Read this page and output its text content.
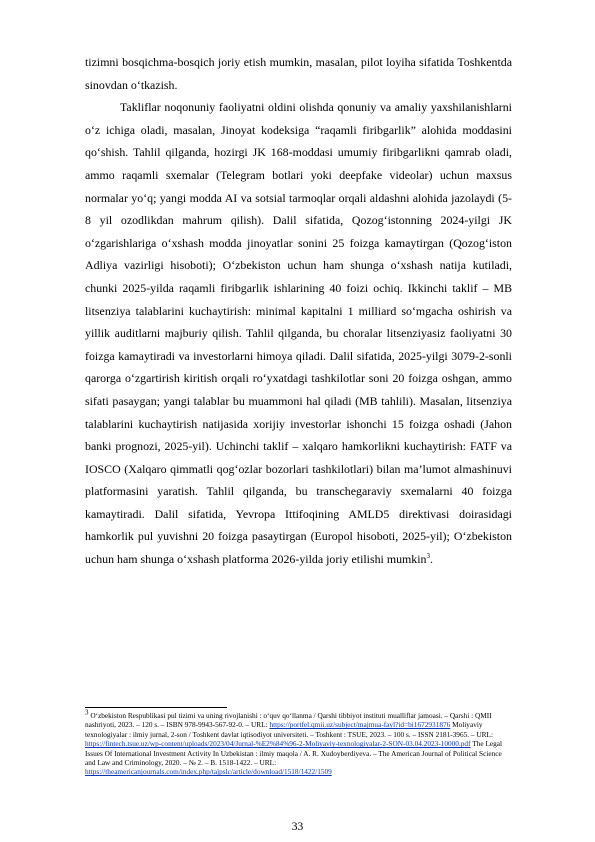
tizimni bosqichma-bosqich joriy etish mumkin, masalan, pilot loyiha sifatida Toshkentda sinovdan o‘tkazish.

Takliflar noqonuniy faoliyatni oldini olishda qonuniy va amaliy yaxshilanishlarni o‘z ichiga oladi, masalan, Jinoyat kodeksiga “raqamli firibgarlik” alohida moddasini qo‘shish. Tahlil qilganda, hozirgi JK 168-moddasi umumiy firibgarlikni qamrab oladi, ammo raqamli sxemalar (Telegram botlari yoki deepfake videolar) uchun maxsus normalar yo‘q; yangi modda AI va sotsial tarmoqlar orqali aldashni alohida jazolaydi (5-8 yil ozodlikdan mahrum qilish). Dalil sifatida, Qozog‘istonning 2024-yilgi JK o‘zgarishlariga o‘xshash modda jinoyatlar sonini 25 foizga kamaytirgan (Qozog‘iston Adliya vazirligi hisoboti); O‘zbekiston uchun ham shunga o‘xshash natija kutiladi, chunki 2025-yilda raqamli firibgarlik ishlarining 40 foizi ochiq. Ikkinchi taklif – MB litsenziya talablarini kuchaytirish: minimal kapitalni 1 milliard so‘mgacha oshirish va yillik auditlarni majburiy qilish. Tahlil qilganda, bu choralar litsenziyasiz faoliyatni 30 foizga kamaytiradi va investorlarni himoya qiladi. Dalil sifatida, 2025-yilgi 3079-2-sonli qarorga o‘zgartirish kiritish orqali ro‘yxatdagi tashkilotlar soni 20 foizga oshgan, ammo sifati pasaygan; yangi talablar bu muammoni hal qiladi (MB tahlili). Masalan, litsenziya talablarini kuchaytirish natijasida xorijiy investorlar ishonchi 15 foizga oshadi (Jahon banki prognozi, 2025-yil). Uchinchi taklif – xalqaro hamkorlikni kuchaytirish: FATF va IOSCO (Xalqaro qimmatli qog‘ozlar bozorlari tashkilotlari) bilan ma’lumot almashinuvi platformasini yaratish. Tahlil qilganda, bu transchegaraviy sxemalarni 40 foizga kamaytiradi. Dalil sifatida, Yevropa Ittifoqining AMLD5 direktivasi doirasidagi hamkorlik pul yuvishni 20 foizga pasaytirgan (Europol hisoboti, 2025-yil); O‘zbekiston uchun ham shunga o‘xshash platforma 2026-yilda joriy etilishi mumkin$^3$.

$^3$ O‘zbekiston Respublikasi pul tizimi va uning rivojlanishi : o‘quv qo‘llanma / Qarshi tibbiyot instituti mualliflar jamoasi. – Qarshi : QMII nashriyoti, 2023. – 120 s. – ISBN 978-9943-567-92-0. – URL: https://portfel.qmii.uz/subject/majmua-fayl?id=bi1672931876 Moliyaviy texnologiyalar : ilmiy jurnal, 2-son / Toshkent davlat iqtisodiyot universiteti. – Toshkent : TSUE, 2023. – 100 s. – ISSN 2181-3965. – URL: https://fintech.tsue.uz/wp-content/uploads/2023/04/Jurnal-%E2%84%96-2-Moliyaviy-texnologiyalar-2-SON-03.04.2023-10000.pdf The Legal Issues Of International Investment Activity In Uzbekistan : ilmiy maqola / A. R. Xudoyberdiyeva. – The American Journal of Political Science and Law and Criminology, 2020. – № 2. – B. 1518-1422. – URL: https://theamericanjournals.com/index.php/tajpslc/article/download/1518/1422/1509
33
